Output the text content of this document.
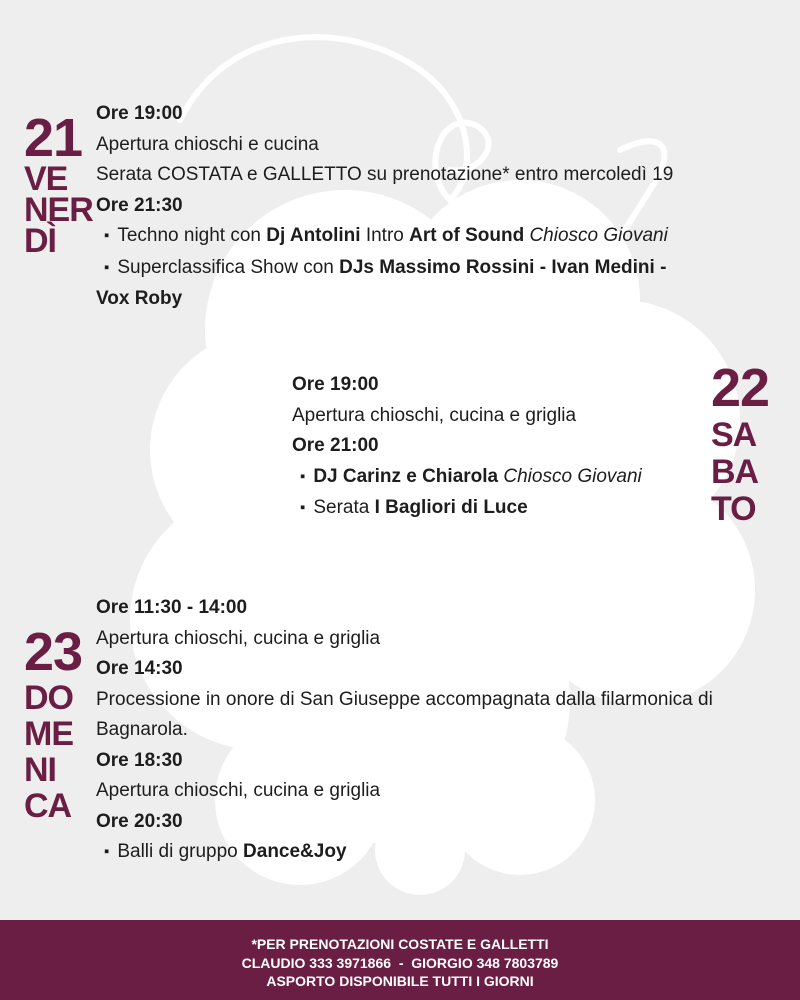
21
VE
NER
DÌ
Ore 19:00
Apertura chioschi e cucina
Serata COSTATA e GALLETTO su prenotazione* entro mercoledì 19
Ore 21:30
▪ Techno night con Dj Antolini Intro Art of Sound Chiosco Giovani
▪ Superclassifica Show con DJs Massimo Rossini - Ivan Medini -
Vox Roby
Ore 19:00
Apertura chioschi, cucina e griglia
Ore 21:00
▪ DJ Carinz e Chiarola Chiosco Giovani
▪ Serata I Bagliori di Luce
22
SA
BA
TO
23
DO
ME
NI
CA
Ore 11:30 - 14:00
Apertura chioschi, cucina e griglia
Ore 14:30
Processione in onore di San Giuseppe accompagnata dalla filarmonica di Bagnarola.
Ore 18:30
Apertura chioschi, cucina e griglia
Ore 20:30
▪ Balli di gruppo Dance&Joy
*PER PRENOTAZIONI COSTATE E GALLETTI
CLAUDIO 333 3971866  -  GIORGIO 348 7803789
ASPORTO DISPONIBILE TUTTI I GIORNI
